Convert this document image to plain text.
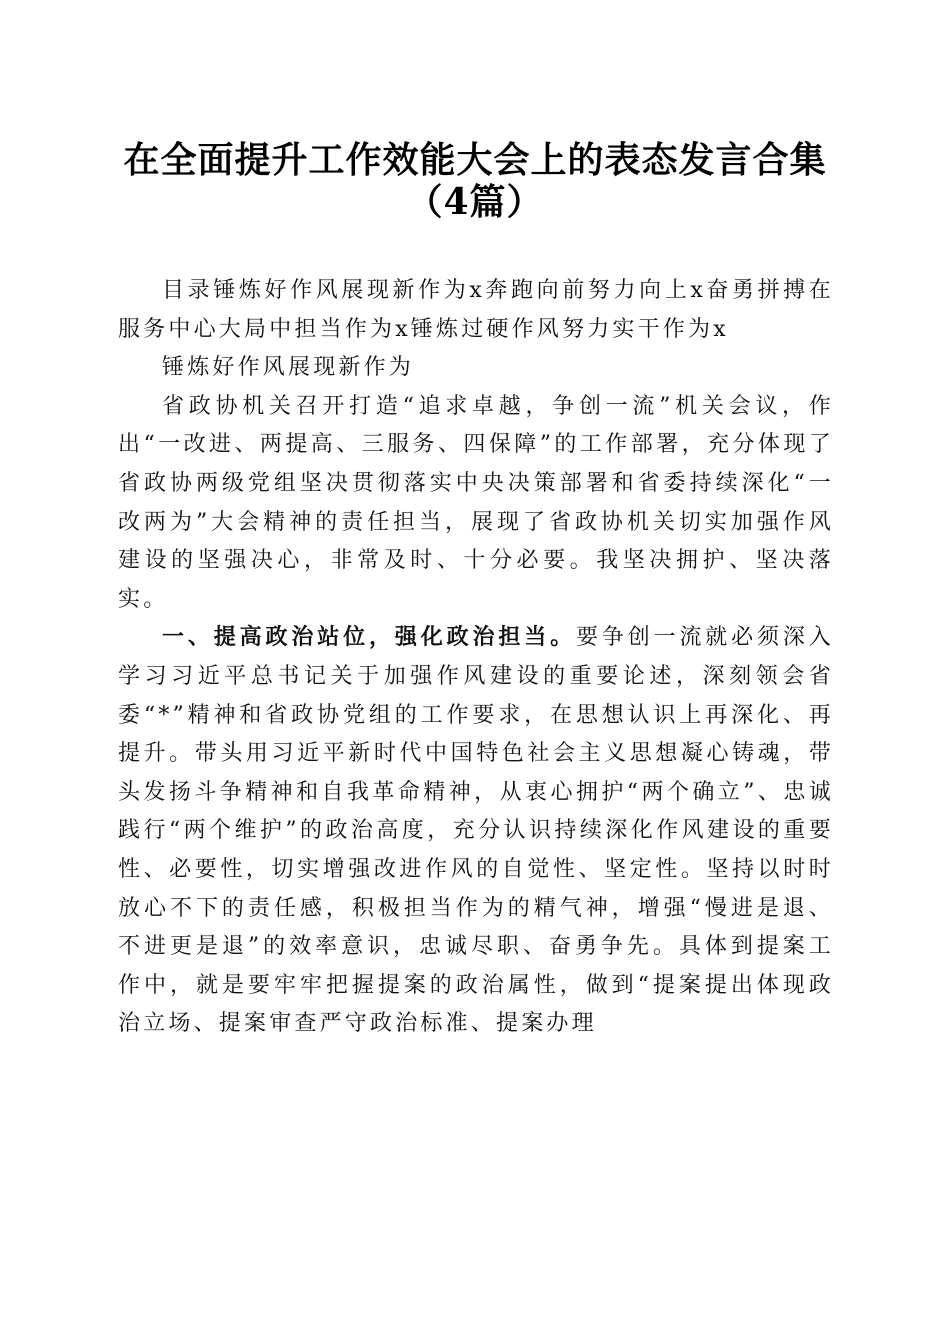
在全面提升工作效能大会上的表态发言合集
（4篇）

目录锤炼好作风展现新作为x奔跑向前努力向上x奋勇拼搏在服务中心大局中担当作为x锤炼过硬作风努力实干作为x

锤炼好作风展现新作为

省政协机关召开打造“追求卓越，争创一流”机关会议，作出“一改进、两提高、三服务、四保障”的工作部署，充分体现了省政协两级党组坚决贯彻落实中央决策部署和省委持续深化“一改两为”大会精神的责任担当，展现了省政协机关切实加强作风建设的坚强决心，非常及时、十分必要。我坚决拥护、坚决落实。

一、提高政治站位，强化政治担当。要争创一流就必须深入学习习近平总书记关于加强作风建设的重要论述，深刻领会省委“*”精神和省政协党组的工作要求，在思想认识上再深化、再提升。带头用习近平新时代中国特色社会主义思想凝心铸魂，带头发扬斗争精神和自我革命精神，从衷心拥护“两个确立”、忠诚践行“两个维护”的政治高度，充分认识持续深化作风建设的重要性、必要性，切实增强改进作风的自觉性、坚定性。坚持以时时放心不下的责任感，积极担当作为的精气神，增强“慢进是退、不进更是退”的效率意识，忠诚尽职、奋勇争先。具体到提案工作中，就是要牢牢把握提案的政治属性，做到“提案提出体现政治立场、提案审查严守政治标准、提案办理
